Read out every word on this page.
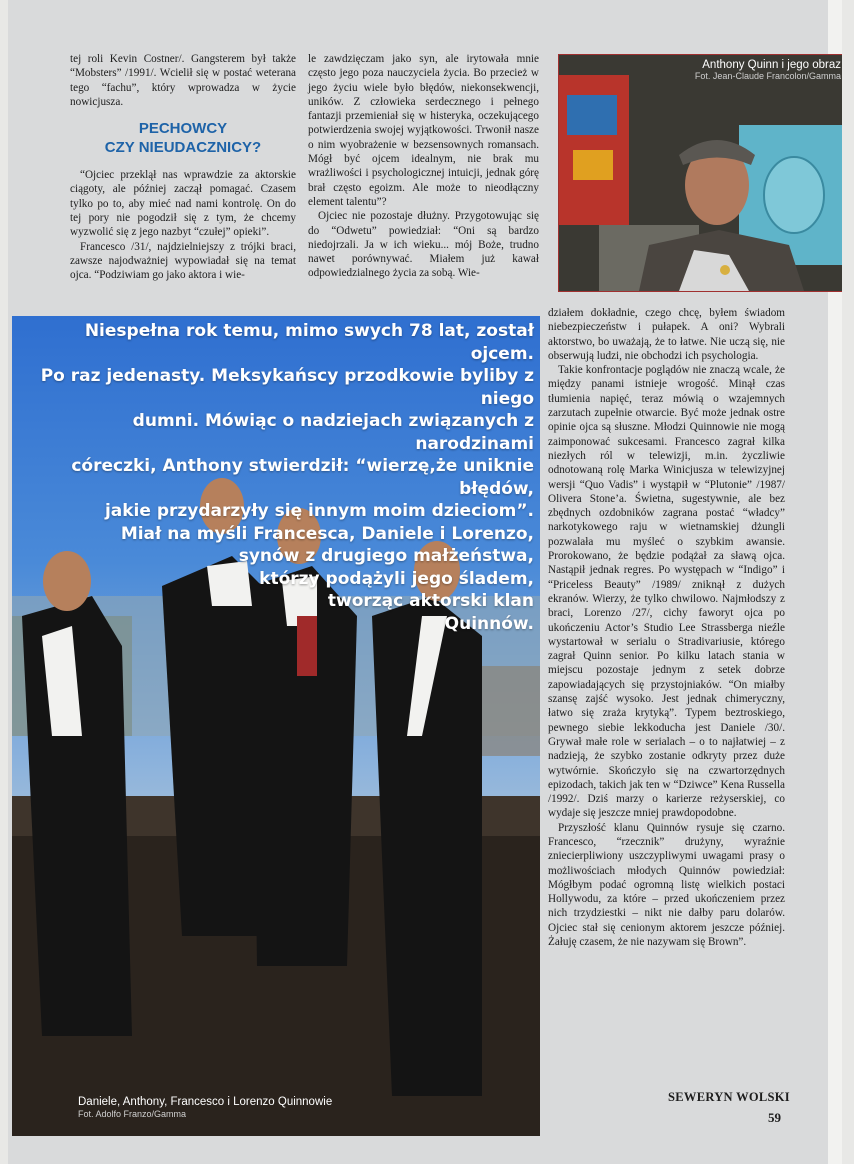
tej roli Kevin Costner/. Gangsterem był także “Mobsters” /1991/. Wcielił się w postać weterana tego “fachu”, który wprowadza w życie nowicjusza.

PECHOWCY
CZY NIEUDACZNICY?

“Ojciec przeklął nas wprawdzie za aktorskie ciągoty, ale później zaczął pomagać. Czasem tylko po to, aby mieć nad nami kontrolę. On do tej pory nie pogodził się z tym, że chcemy wyzwolić się z jego nazbyt “czułej” opieki”.

Francesco /31/, najdzielniejszy z trójki braci, zawsze najodważniej wypowiadał się na temat ojca. “Podziwiam go jako aktora i wie-

le zawdzięczam jako syn, ale irytowała mnie często jego poza nauczyciela życia. Bo przecież w jego życiu wiele było błędów, niekonsekwencji, uników. Z człowieka serdecznego i pełnego fantazji przemieniał się w histeryka, oczekującego potwierdzenia swojej wyjątkowości. Trwonił nasze o nim wyobrażenie w bezsensownych romansach. Mógł być ojcem idealnym, nie brak mu wrażliwości i psychologicznej intuicji, jednak górę brał często egoizm. Ale może to nieodłączny element talentu”?

Ojciec nie pozostaje dłużny. Przygotowując się do “Odwetu” powiedział: “Oni są bardzo niedojrzali. Ja w ich wieku... mój Boże, trudno nawet porównywać. Miałem już kawał odpowiedzialnego życia za sobą. Wie-

Anthony Quinn i jego obraz
Fot. Jean-Claude Francolon/Gamma

działem dokładnie, czego chcę, byłem świadom niebezpieczeństw i pułapek. A oni? Wybrali aktorstwo, bo uważają, że to łatwe. Nie uczą się, nie obserwują ludzi, nie obchodzi ich psychologia.

Takie konfrontacje poglądów nie znaczą wcale, że między panami istnieje wrogość. Minął czas tłumienia napięć, teraz mówią o wzajemnych zarzutach zupełnie otwarcie. Być może jednak ostre opinie ojca są słuszne. Młodzi Quinnowie nie mogą zaimponować sukcesami. Francesco zagrał kilka niezłych ról w telewizji, m.in. życzliwie odnotowaną rolę Marka Winicjusza w telewizyjnej wersji “Quo Vadis” i wystąpił w “Plutonie” /1987/ Olivera Stone’a. Świetna, sugestywnie, ale bez zbędnych ozdobników zagrana postać “władcy” narkotykowego raju w wietnamskiej dżungli pozwalała mu myśleć o szybkim awansie. Prorokowano, że będzie podążał za sławą ojca. Nastąpił jednak regres. Po występach w “Indigo” i “Priceless Beauty” /1989/ zniknął z dużych ekranów. Wierzy, że tylko chwilowo. Najmłodszy z braci, Lorenzo /27/, cichy faworyt ojca po ukończeniu Actor’s Studio Lee Strassberga nieźle wystartował w serialu o Stradivariusie, którego zagrał Quinn senior. Po kilku latach stania w miejscu pozostaje jednym z setek dobrze zapowiadających się przystojniaków. “On miałby szansę zajść wysoko. Jest jednak chimeryczny, łatwo się zraża krytyką”. Typem beztroskiego, pewnego siebie lekkoducha jest Daniele /30/. Grywał małe role w serialach – o to najłatwiej – z nadzieją, że szybko zostanie odkryty przez duże wytwórnie. Skończyło się na czwartorzędnych epizodach, takich jak ten w “Dziwce” Kena Russella /1992/. Dziś marzy o karierze reżyserskiej, co wydaje się jeszcze mniej prawdopodobne.

Przyszłość klanu Quinnów rysuje się czarno. Francesco, “rzecznik” drużyny, wyraźnie zniecierpliwiony uszczypliwymi uwagami prasy o możliwościach młodych Quinnów powiedział: Mógłbym podać ogromną listę wielkich postaci Hollywodu, za które – przed ukończeniem przez nich trzydziestki – nikt nie dałby paru dolarów. Ojciec stał się cenionym aktorem jeszcze później. Żałuję czasem, że nie nazywam się Brown”.

Niespełna rok temu, mimo swych 78 lat, został ojcem.
Po raz jedenasty. Meksykańscy przodkowie byliby z niego
dumni. Mówiąc o nadziejach związanych z narodzinami
córeczki, Anthony stwierdził: “wierzę,że uniknie błędów,
jakie przydarzyły się innym moim dzieciom”.
Miał na myśli Francesca, Daniele i Lorenzo,
synów z drugiego małżeństwa,
którzy podążyli jego śladem,
tworząc aktorski klan
Quinnów.
Daniele, Anthony, Francesco i Lorenzo Quinnowie
Fot. Adolfo Franzo/Gamma
SEWERYN WOLSKI
59
